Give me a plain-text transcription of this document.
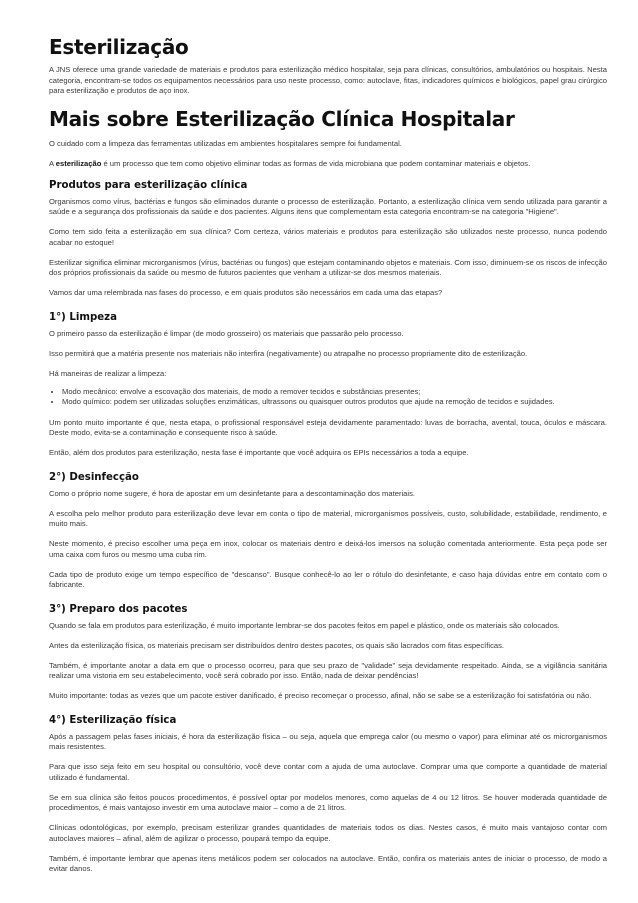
Esterilização

A JNS oferece uma grande variedade de materiais e produtos para esterilização médico hospitalar, seja para clínicas, consultórios, ambulatórios ou hospitais. Nesta categoria, encontram-se todos os equipamentos necessários para uso neste processo, como: autoclave, fitas, indicadores químicos e biológicos, papel grau cirúrgico para esterilização e produtos de aço inox.

Mais sobre Esterilização Clínica Hospitalar

O cuidado com a limpeza das ferramentas utilizadas em ambientes hospitalares sempre foi fundamental.

A esterilização é um processo que tem como objetivo eliminar todas as formas de vida microbiana que podem contaminar materiais e objetos.

Produtos para esterilização clínica

Organismos como vírus, bactérias e fungos são eliminados durante o processo de esterilização. Portanto, a esterilização clínica vem sendo utilizada para garantir a saúde e a segurança dos profissionais da saúde e dos pacientes. Alguns itens que complementam esta categoria encontram-se na categoria "Higiene".

Como tem sido feita a esterilização em sua clínica? Com certeza, vários materiais e produtos para esterilização são utilizados neste processo, nunca podendo acabar no estoque!

Esterilizar significa eliminar microrganismos (vírus, bactérias ou fungos) que estejam contaminando objetos e materiais. Com isso, diminuem-se os riscos de infecção dos próprios profissionais da saúde ou mesmo de futuros pacientes que venham a utilizar-se dos mesmos materiais.

Vamos dar uma relembrada nas fases do processo, e em quais produtos são necessários em cada uma das etapas?

1°) Limpeza

O primeiro passo da esterilização é limpar (de modo grosseiro) os materiais que passarão pelo processo.

Isso permitirá que a matéria presente nos materiais não interfira (negativamente) ou atrapalhe no processo propriamente dito de esterilização.

Há maneiras de realizar a limpeza:

• Modo mecânico: envolve a escovação dos materiais, de modo a remover tecidos e substâncias presentes;
• Modo químico: podem ser utilizadas soluções enzimáticas, ultrassons ou quaisquer outros produtos que ajude na remoção de tecidos e sujidades.

Um ponto muito importante é que, nesta etapa, o profissional responsável esteja devidamente paramentado: luvas de borracha, avental, touca, óculos e máscara. Deste modo, evita-se a contaminação e consequente risco à saúde.

Então, além dos produtos para esterilização, nesta fase é importante que você adquira os EPIs necessários a toda a equipe.

2°) Desinfecção

Como o próprio nome sugere, é hora de apostar em um desinfetante para a descontaminação dos materiais.

A escolha pelo melhor produto para esterilização deve levar em conta o tipo de material, microrganismos possíveis, custo, solubilidade, estabilidade, rendimento, e muito mais.

Neste momento, é preciso escolher uma peça em inox, colocar os materiais dentro e deixá-los imersos na solução comentada anteriormente. Esta peça pode ser uma caixa com furos ou mesmo uma cuba rim.

Cada tipo de produto exige um tempo específico de "descanso". Busque conhecê-lo ao ler o rótulo do desinfetante, e caso haja dúvidas entre em contato com o fabricante.

3°) Preparo dos pacotes

Quando se fala em produtos para esterilização, é muito importante lembrar-se dos pacotes feitos em papel e plástico, onde os materiais são colocados.

Antes da esterilização física, os materiais precisam ser distribuídos dentro destes pacotes, os quais são lacrados com fitas específicas.

Também, é importante anotar a data em que o processo ocorreu, para que seu prazo de "validade" seja devidamente respeitado. Ainda, se a vigilância sanitária realizar uma vistoria em seu estabelecimento, você será cobrado por isso. Então, nada de deixar pendências!

Muito importante: todas as vezes que um pacote estiver danificado, é preciso recomeçar o processo, afinal, não se sabe se a esterilização foi satisfatória ou não.

4°) Esterilização física

Após a passagem pelas fases iniciais, é hora da esterilização física – ou seja, aquela que emprega calor (ou mesmo o vapor) para eliminar até os microrganismos mais resistentes.

Para que isso seja feito em seu hospital ou consultório, você deve contar com a ajuda de uma autoclave. Comprar uma que comporte a quantidade de material utilizado é fundamental.

Se em sua clínica são feitos poucos procedimentos, é possível optar por modelos menores, como aquelas de 4 ou 12 litros. Se houver moderada quantidade de procedimentos, é mais vantajoso investir em uma autoclave maior – como a de 21 litros.

Clínicas odontológicas, por exemplo, precisam esterilizar grandes quantidades de materiais todos os dias. Nestes casos, é muito mais vantajoso contar com autoclaves maiores – afinal, além de agilizar o processo, poupará tempo da equipe.

Também, é importante lembrar que apenas itens metálicos podem ser colocados na autoclave. Então, confira os materiais antes de iniciar o processo, de modo a evitar danos.
